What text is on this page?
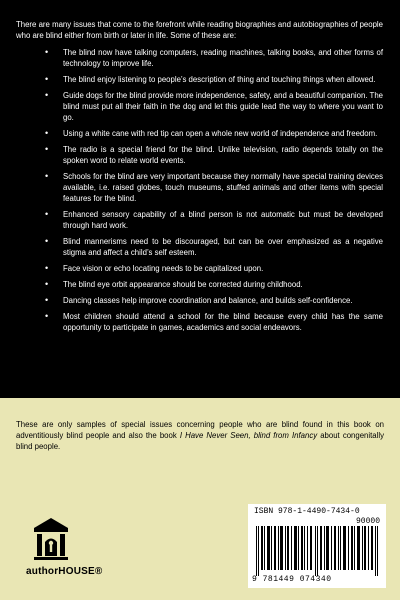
There are many issues that come to the forefront while reading biographies and autobiographies of people who are blind either from birth or later in life. Some of these are:

• The blind now have talking computers, reading machines, talking books, and other forms of technology to improve life.
• The blind enjoy listening to people’s description of thing and touching things when allowed.
• Guide dogs for the blind provide more independence, safety, and a beautiful companion. The blind must put all their faith in the dog and let this guide lead the way to where you want to go.
• Using a white cane with red tip can open a whole new world of independence and freedom.
• The radio is a special friend for the blind. Unlike television, radio depends totally on the spoken word to relate world events.
• Schools for the blind are very important because they normally have special training devices available, i.e. raised globes, touch museums, stuffed animals and other items with special features for the blind.
• Enhanced sensory capability of a blind person is not automatic but must be developed through hard work.
• Blind mannerisms need to be discouraged, but can be over emphasized as a negative stigma and affect a child’s self esteem.
• Face vision or echo locating needs to be capitalized upon.
• The blind eye orbit appearance should be corrected during childhood.
• Dancing classes help improve coordination and balance, and builds self-confidence.
• Most children should attend a school for the blind because every child has the same opportunity to participate in games, academics and social endeavors.

These are only samples of special issues concerning people who are blind found in this book on adventitiously blind people and also the book I Have Never Seen, blind from Infancy about congenitally blind people.

authorHOUSE®
ISBN 978-1-4490-7434-0
90000
9 781449 074340
